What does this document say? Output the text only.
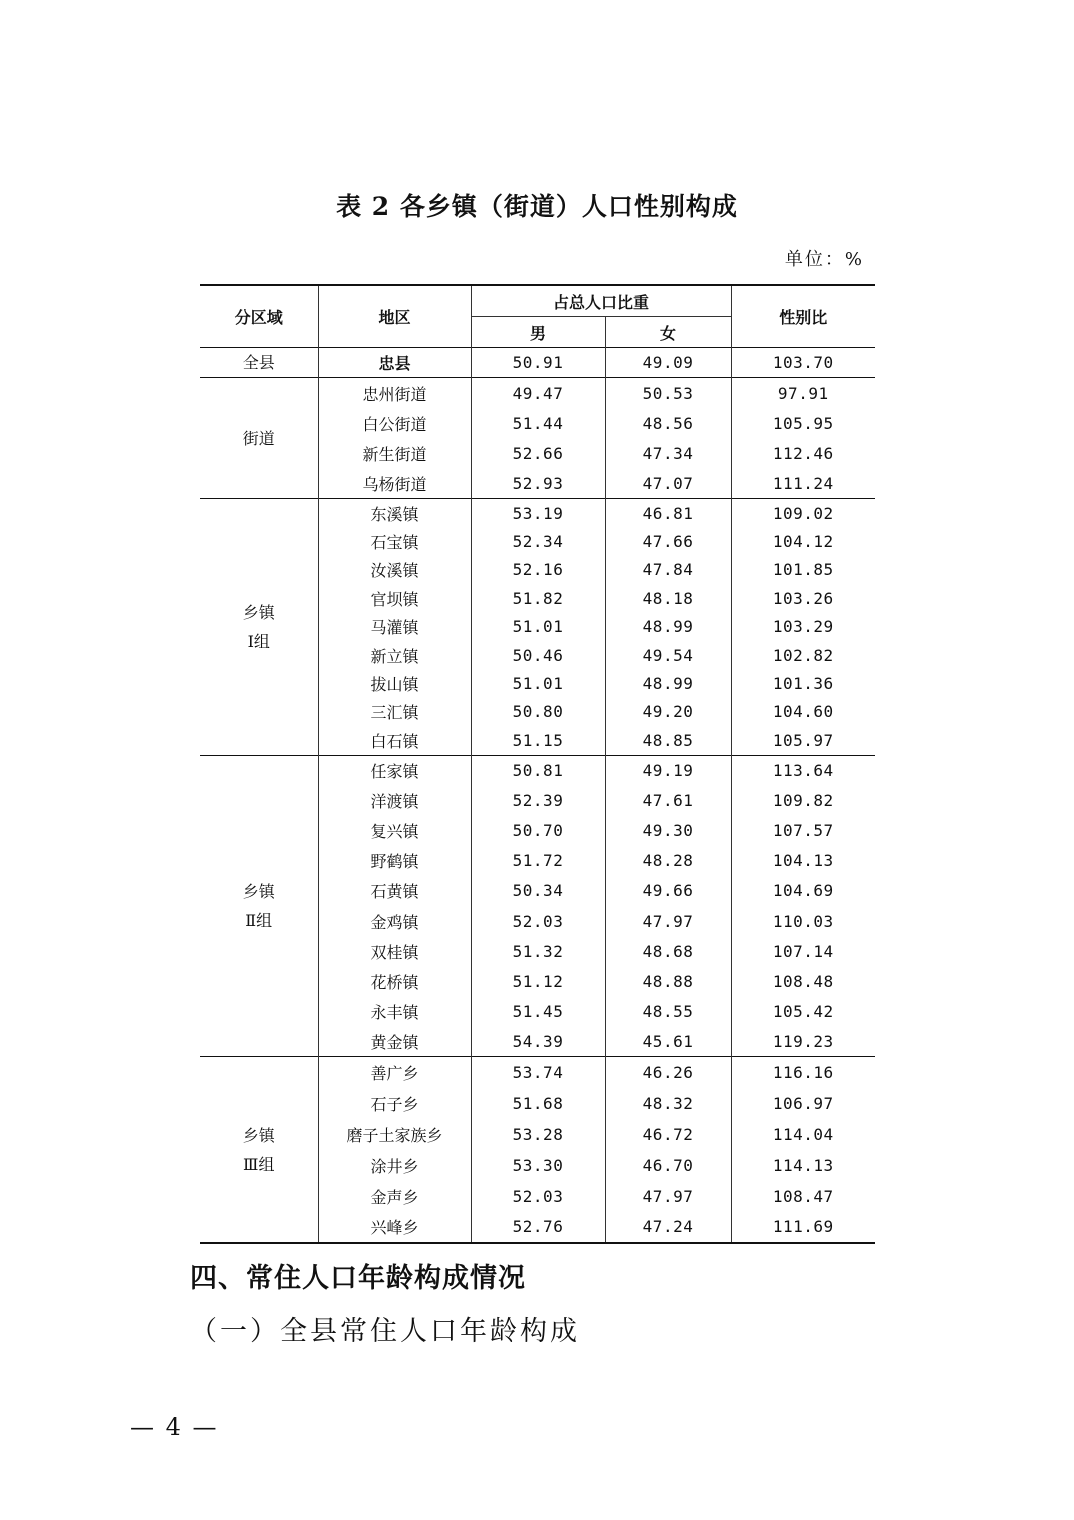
表 2 各乡镇（街道）人口性别构成
单位：%
分区域	地区	占总人口比重		性别比
		男	女	
全县	忠县	50.91	49.09	103.70

街道	忠州街道	49.47	50.53	97.91
	白公街道	51.44	48.56	105.95
	新生街道	52.66	47.34	112.46
	乌杨街道	52.93	47.07	111.24

乡镇
Ⅰ组	东溪镇	53.19	46.81	109.02
	石宝镇	52.34	47.66	104.12
	汝溪镇	52.16	47.84	101.85
	官坝镇	51.82	48.18	103.26
	马灌镇	51.01	48.99	103.29
	新立镇	50.46	49.54	102.82
	拔山镇	51.01	48.99	101.36
	三汇镇	50.80	49.20	104.60
	白石镇	51.15	48.85	105.97

乡镇
Ⅱ组	任家镇	50.81	49.19	113.64
	洋渡镇	52.39	47.61	109.82
	复兴镇	50.70	49.30	107.57
	野鹤镇	51.72	48.28	104.13
	石黄镇	50.34	49.66	104.69
	金鸡镇	52.03	47.97	110.03
	双桂镇	51.32	48.68	107.14
	花桥镇	51.12	48.88	108.48
	永丰镇	51.45	48.55	105.42
	黄金镇	54.39	45.61	119.23

乡镇
Ⅲ组	善广乡	53.74	46.26	116.16
	石子乡	51.68	48.32	106.97
	磨子土家族乡	53.28	46.72	114.04
	涂井乡	53.30	46.70	114.13
	金声乡	52.03	47.97	108.47
	兴峰乡	52.76	47.24	111.69
四、常住人口年龄构成情况
（一）全县常住人口年龄构成
— 4 —
